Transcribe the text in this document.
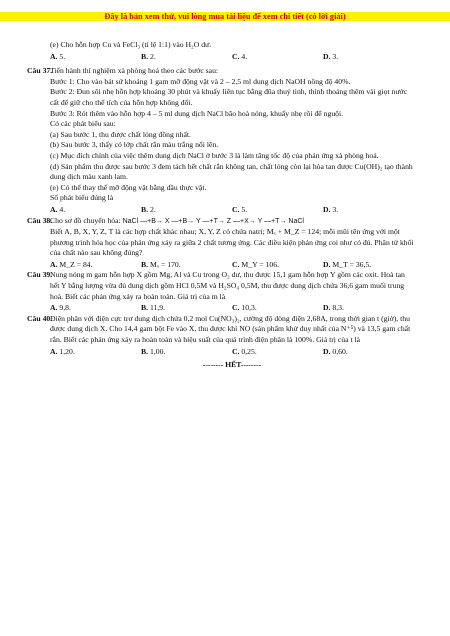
Đây là bản xem thử, vui lòng mua tài liệu để xem chi tiết (có lời giải)
(e) Cho hỗn hợp Cu và FeCl₃ (tỉ lệ 1:1) vào H₂O dư.
A. 5.	B. 2.	C. 4.	D. 3.
Câu 37.
Tiến hành thí nghiệm xà phòng hoá theo các bước sau:
Bước 1: Cho vào bát sứ khoảng 1 gam mỡ động vật và 2 – 2,5 ml dung dịch NaOH nồng độ 40%.
Bước 2: Đun sôi nhẹ hỗn hợp khoảng 30 phút và khuấy liên tục bằng đũa thuỷ tinh, thỉnh thoảng thêm vài giọt nước cất để giữ cho thể tích của hỗn hợp không đổi.
Bước 3: Rót thêm vào hỗn hợp 4 – 5 ml dung dịch NaCl bão hoà nóng, khuấy nhẹ rồi để nguội.
Có các phát biểu sau:
(a) Sau bước 1, thu được chất lỏng đồng nhất.
(b) Sau bước 3, thấy có lớp chất rắn màu trắng nổi lên.
(c) Mục đích chính của việc thêm dung dịch NaCl ở bước 3 là làm tăng tốc độ của phản ứng xà phòng hoá.
(d) Sản phẩm thu được sau bước 3 đem tách hết chất rắn không tan, chất lỏng còn lại hòa tan được Cu(OH)₂ tạo thành dung dịch màu xanh lam.
(e) Có thể thay thế mỡ động vật bằng dầu thực vật.
Số phát biểu đúng là
A. 4.	B. 2.	C. 5.	D. 3.
Câu 38.
Cho sơ đồ chuyển hóa: NaCl —+B→ X —+B→ Y —+T→ Z —+X→ Y —+T→ NaCl
Biết A, B, X, Y, Z, T là các hợp chất khác nhau; X, Y, Z có chứa natri; Mₓ + M_Z = 124; mỗi mũi tên ứng với một phương trình hóa học của phản ứng xảy ra giữa 2 chất tương ứng. Các điều kiện phản ứng coi như có đủ. Phân tử khối của chất nào sau không đúng?
A. M_Z = 84.	B. Mₓ = 170.	C. M_Y = 106.	D. M_T = 36,5.
Câu 39.
Nung nóng m gam hỗn hợp X gồm Mg, Al và Cu trong O₂ dư, thu được 15,1 gam hỗn hợp Y gồm các oxit. Hoà tan hết Y bằng lượng vừa đủ dung dịch gồm HCl 0,5M và H₂SO₄ 0,5M, thu được dung dịch chứa 36,6 gam muối trung hoà. Biết các phản ứng xảy ra hoàn toàn. Giá trị của m là
A. 9,8.	B. 11,9.	C. 10,3.	D. 8,3.
Câu 40.
Điện phân với điện cực trơ dung dịch chứa 0,2 mol Cu(NO₃)₂, cường độ dòng điện 2,68A, trong thời gian t (giờ), thu được dung dịch X. Cho 14,4 gam bột Fe vào X, thu được khí NO (sản phẩm khử duy nhất của N⁺⁵) và 13,5 gam chất rắn. Biết các phản ứng xảy ra hoàn toàn và hiệu suất của quá trình điện phân là 100%. Giá trị của t là
A. 1,20.	B. 1,00.	C. 0,25.	D. 0,60.
-------- HẾT--------
